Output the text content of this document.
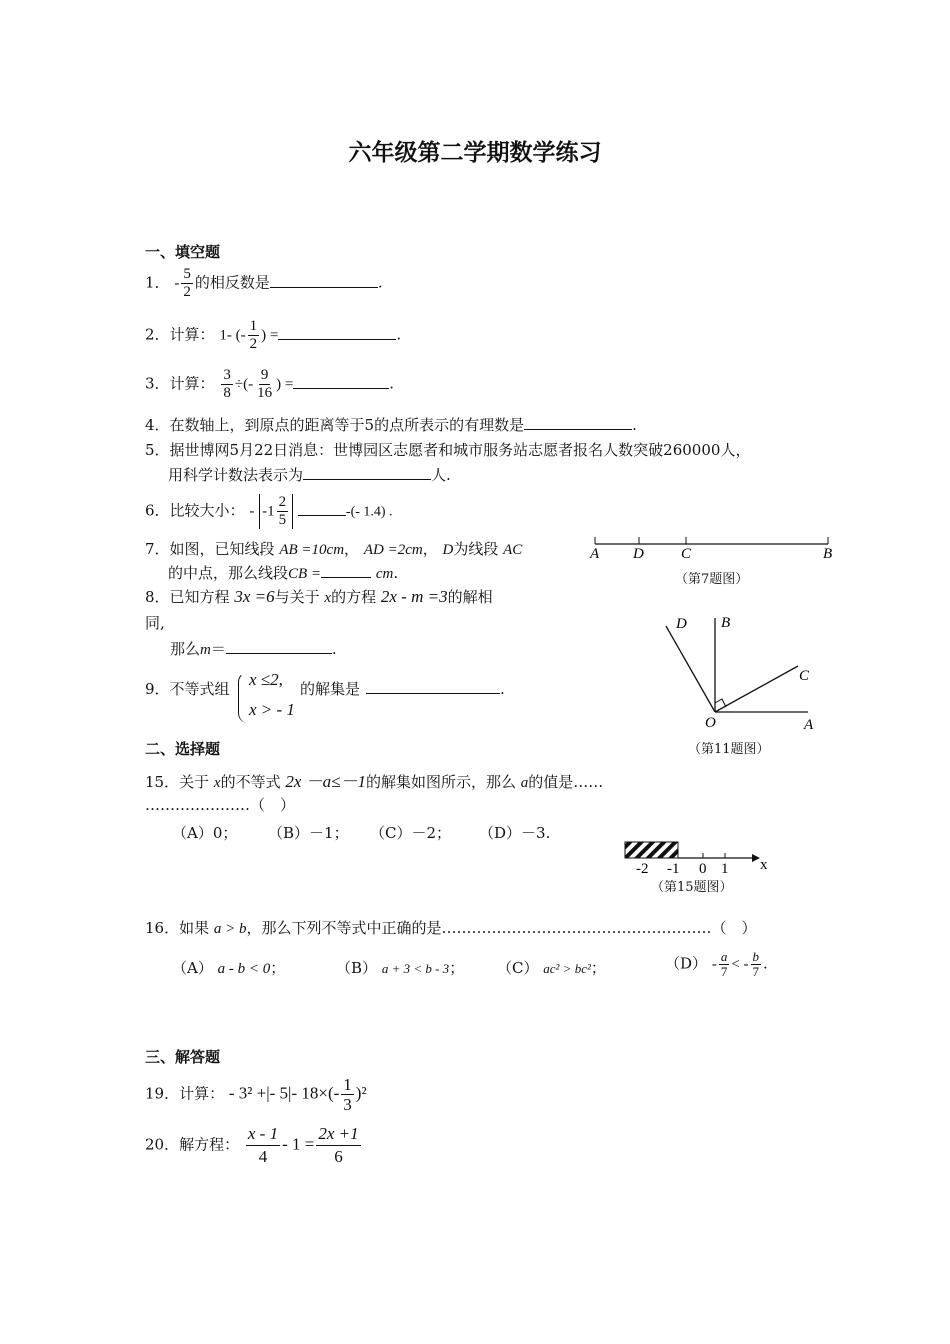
六年级第二学期数学练习
一、填空题
1． - $\frac{5}{2}$ 的相反数是	.
2．计算： 1- (- $\frac{1}{2}$ ) =	.
3．计算： $\frac{3}{8}$ ÷(- $\frac{9}{16}$ ) =	.
4．在数轴上，到原点的距离等于5的点所表示的有理数是	.
5．据世博网5月22日消息：世博园区志愿者和城市服务站志愿者报名人数突破260000人，
用科学计数法表示为	人.
6．比较大小： - $-1 \frac{2}{5}$	-(- 1.4) .
7．如图，已知线段 AB =10cm， AD =2cm， D为线段 AC
的中点，那么线段CB =	cm.
A D C	B
（第7题图）
8．已知方程 3x =6与关于 x的方程 2x - m =3的解相
同,
那么m＝	.
D B
C
O	A
（第11题图）
9．不等式组 x ≤2,
x > - 1
的解集是	.
二、选择题
15．关于 x的不等式 2x －a≤－1的解集如图所示，那么 a的值是……
…………………（　）
（A）0； （B）－1； （C）－2； （D）－3.
-2 -1 0 1 x
（第15题图）
16．如果 a > b，那么下列不等式中正确的是………………………………………………（　）
（A） a - b < 0；	（B） a + 3 < b - 3； （C） ac² > bc²；	$(D) - \frac{a}{7}$ < - $\frac{b}{7}$ .
三、解答题
19．计算： - 3² +|- 5|- $18\times(- \frac{1}{3} )^2$
20．解方程： $\frac{x - 1}{4} - 1 = \frac{2x +1}{6}$
